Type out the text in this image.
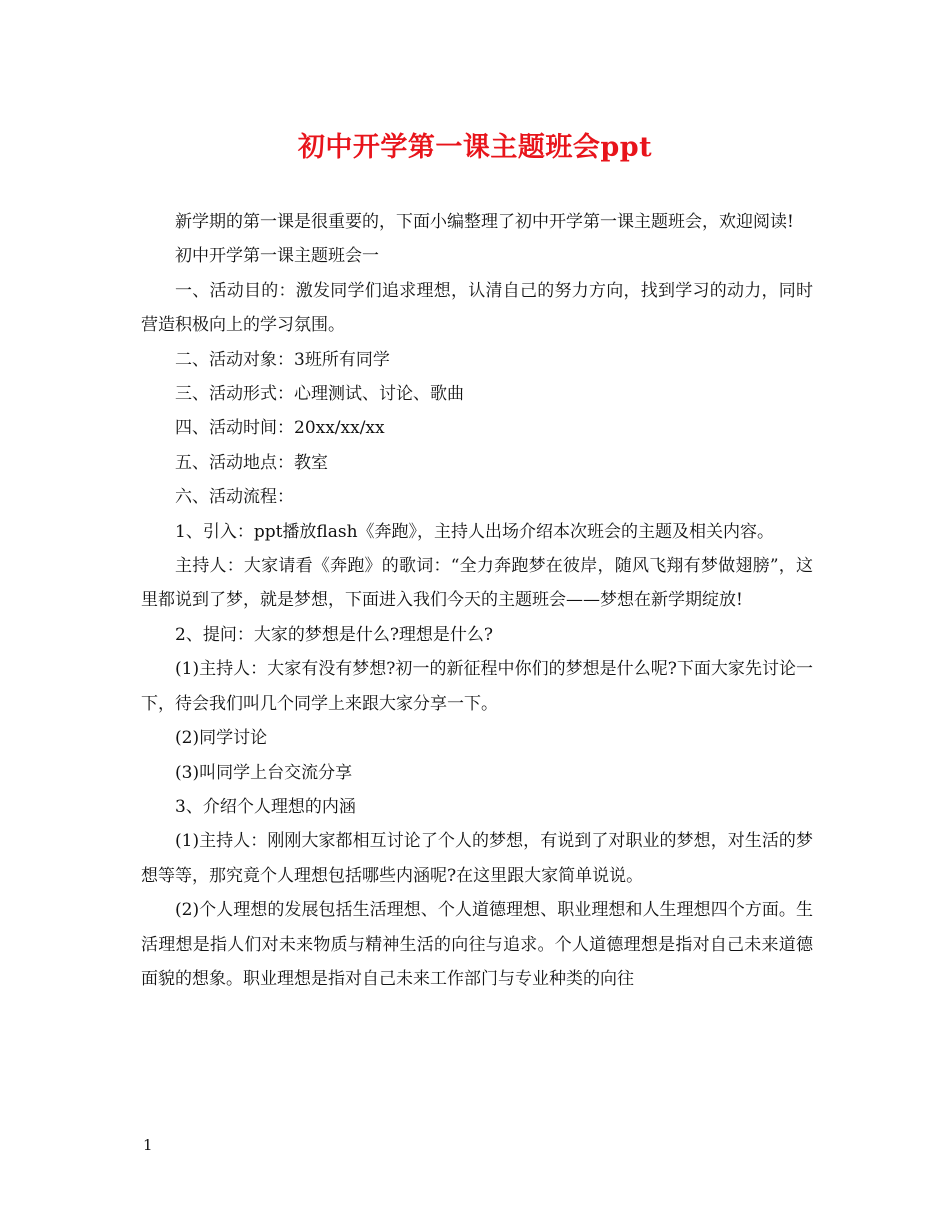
初中开学第一课主题班会ppt

新学期的第一课是很重要的，下面小编整理了初中开学第一课主题班会，欢迎阅读!

初中开学第一课主题班会一

一、活动目的：激发同学们追求理想，认清自己的努力方向，找到学习的动力，同时营造积极向上的学习氛围。

二、活动对象：3班所有同学

三、活动形式：心理测试、讨论、歌曲

四、活动时间：20xx/xx/xx

五、活动地点：教室

六、活动流程：

1、引入：ppt播放flash《奔跑》，主持人出场介绍本次班会的主题及相关内容。

主持人：大家请看《奔跑》的歌词：“全力奔跑梦在彼岸，随风飞翔有梦做翅膀”，这里都说到了梦，就是梦想，下面进入我们今天的主题班会——梦想在新学期绽放!

2、提问：大家的梦想是什么?理想是什么?

(1)主持人：大家有没有梦想?初一的新征程中你们的梦想是什么呢?下面大家先讨论一下，待会我们叫几个同学上来跟大家分享一下。

(2)同学讨论

(3)叫同学上台交流分享

3、介绍个人理想的内涵

(1)主持人：刚刚大家都相互讨论了个人的梦想，有说到了对职业的梦想，对生活的梦想等等，那究竟个人理想包括哪些内涵呢?在这里跟大家简单说说。

(2)个人理想的发展包括生活理想、个人道德理想、职业理想和人生理想四个方面。生活理想是指人们对未来物质与精神生活的向往与追求。个人道德理想是指对自己未来道德面貌的想象。职业理想是指对自己未来工作部门与专业种类的向往

1
